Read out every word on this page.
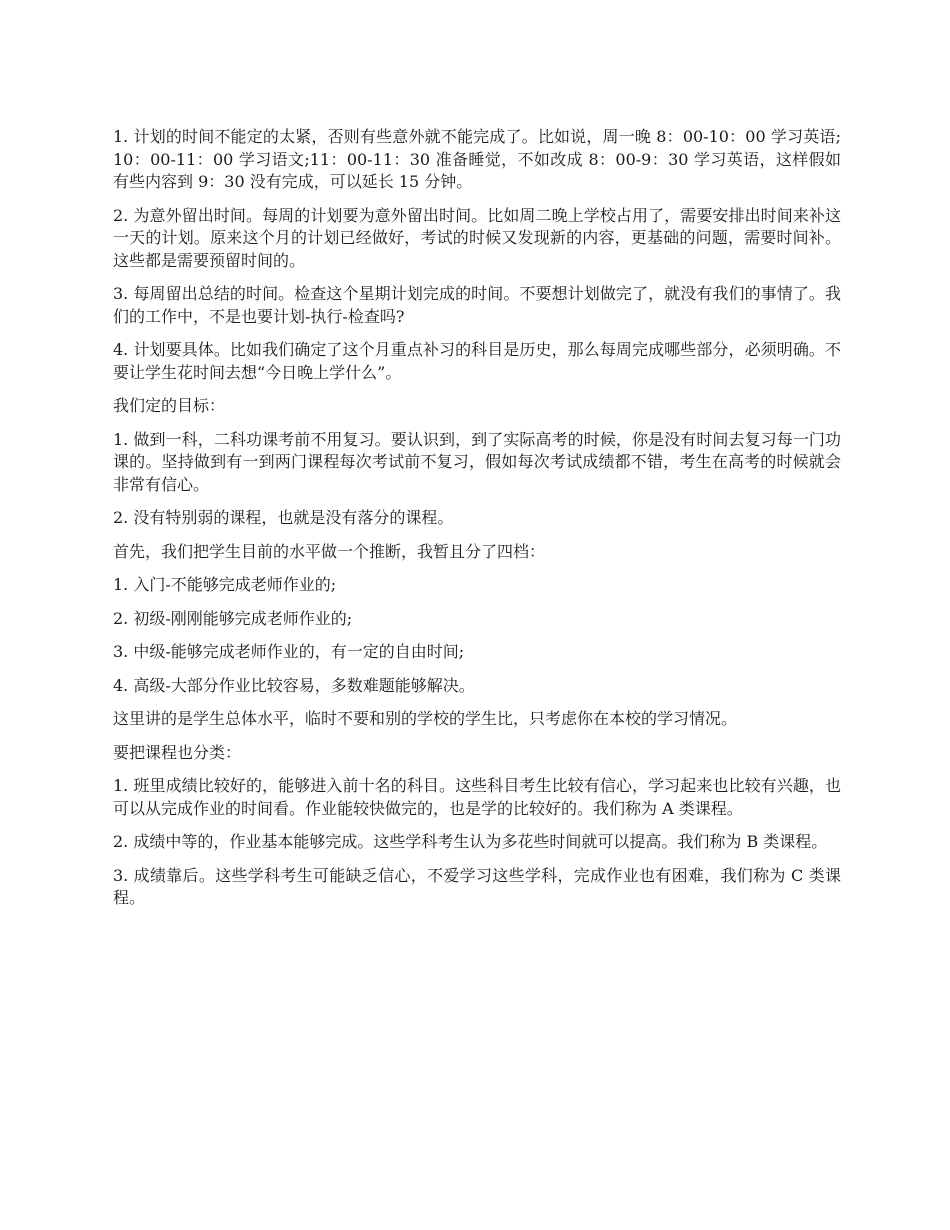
1. 计划的时间不能定的太紧，否则有些意外就不能完成了。比如说，周一晚 8：00-10：00 学习英语;10：00-11：00 学习语文;11：00-11：30 准备睡觉，不如改成 8：00-9：30 学习英语，这样假如有些内容到 9：30 没有完成，可以延长 15 分钟。

2. 为意外留出时间。每周的计划要为意外留出时间。比如周二晚上学校占用了，需要安排出时间来补这一天的计划。原来这个月的计划已经做好，考试的时候又发现新的内容，更基础的问题，需要时间补。这些都是需要预留时间的。

3. 每周留出总结的时间。检查这个星期计划完成的时间。不要想计划做完了，就没有我们的事情了。我们的工作中，不是也要计划-执行-检查吗?

4. 计划要具体。比如我们确定了这个月重点补习的科目是历史，那么每周完成哪些部分，必须明确。不要让学生花时间去想“今日晚上学什么”。

我们定的目标：

1. 做到一科，二科功课考前不用复习。要认识到，到了实际高考的时候，你是没有时间去复习每一门功课的。坚持做到有一到两门课程每次考试前不复习，假如每次考试成绩都不错，考生在高考的时候就会非常有信心。

2. 没有特别弱的课程，也就是没有落分的课程。

首先，我们把学生目前的水平做一个推断，我暂且分了四档：

1. 入门-不能够完成老师作业的;

2. 初级-刚刚能够完成老师作业的;

3. 中级-能够完成老师作业的，有一定的自由时间;

4. 高级-大部分作业比较容易，多数难题能够解决。

这里讲的是学生总体水平，临时不要和别的学校的学生比，只考虑你在本校的学习情况。

要把课程也分类：

1. 班里成绩比较好的，能够进入前十名的科目。这些科目考生比较有信心，学习起来也比较有兴趣，也可以从完成作业的时间看。作业能较快做完的，也是学的比较好的。我们称为 A 类课程。

2. 成绩中等的，作业基本能够完成。这些学科考生认为多花些时间就可以提高。我们称为 B 类课程。

3. 成绩靠后。这些学科考生可能缺乏信心，不爱学习这些学科，完成作业也有困难，我们称为 C 类课程。
